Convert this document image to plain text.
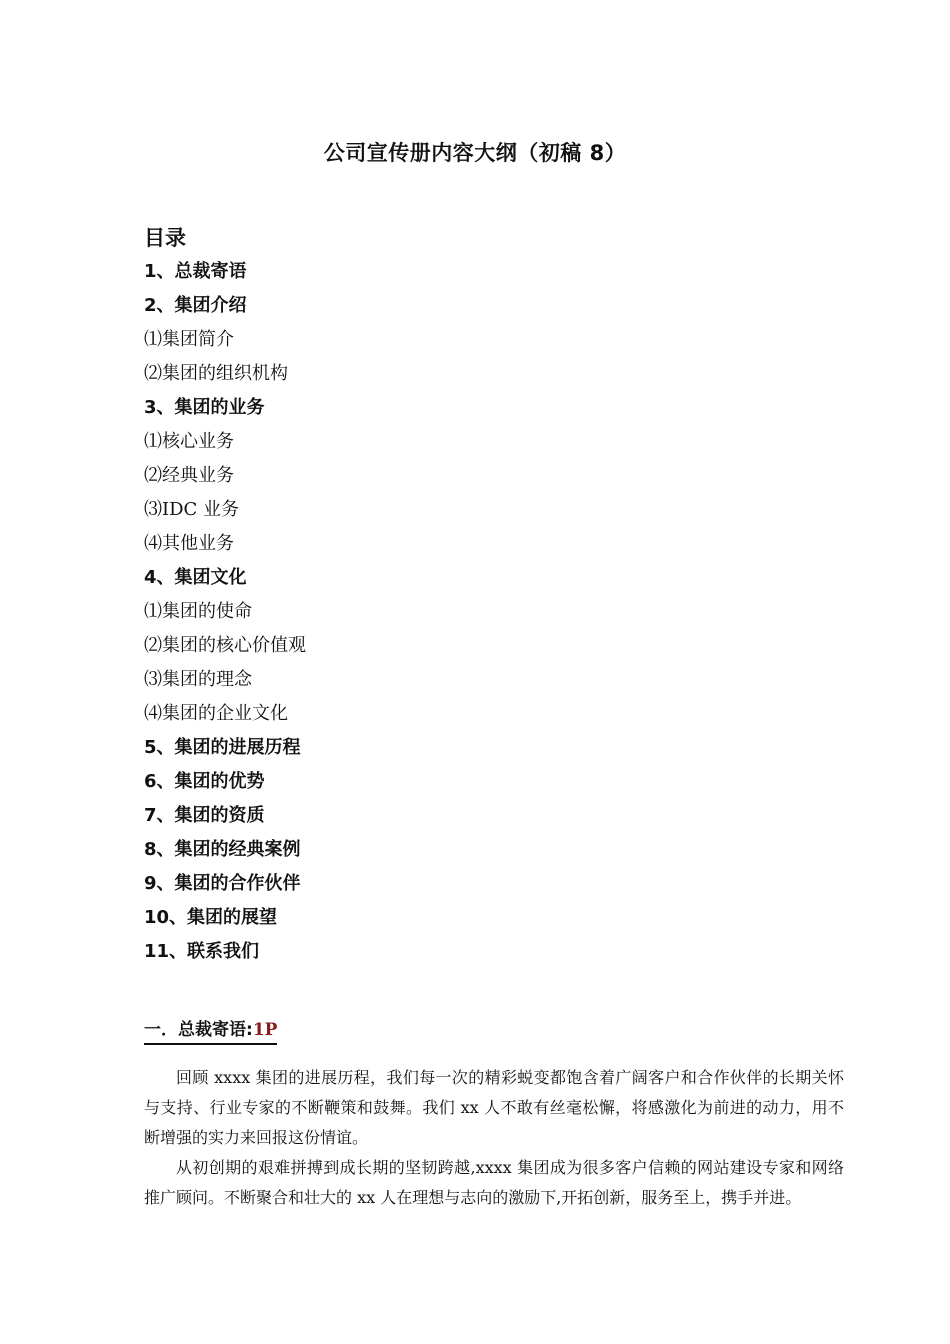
公司宣传册内容大纲（初稿 8）
目录
1、总裁寄语
2、集团介绍
⑴集团简介
⑵集团的组织机构
3、集团的业务
⑴核心业务
⑵经典业务
⑶IDC 业务
⑷其他业务
4、集团文化
⑴集团的使命
⑵集团的核心价值观
⑶集团的理念
⑷集团的企业文化
5、集团的进展历程
6、集团的优势
7、集团的资质
8、集团的经典案例
9、集团的合作伙伴
10、集团的展望
11、联系我们
一．总裁寄语:1P

回顾 xxxx 集团的进展历程，我们每一次的精彩蜕变都饱含着广阔客户和合作伙伴的长期关怀与支持、行业专家的不断鞭策和鼓舞。我们 xx 人不敢有丝毫松懈，将感激化为前进的动力，用不断增强的实力来回报这份情谊。

从初创期的艰难拼搏到成长期的坚韧跨越,xxxx 集团成为很多客户信赖的网站建设专家和网络推广顾问。不断聚合和壮大的 xx 人在理想与志向的激励下,开拓创新，服务至上，携手并进。
